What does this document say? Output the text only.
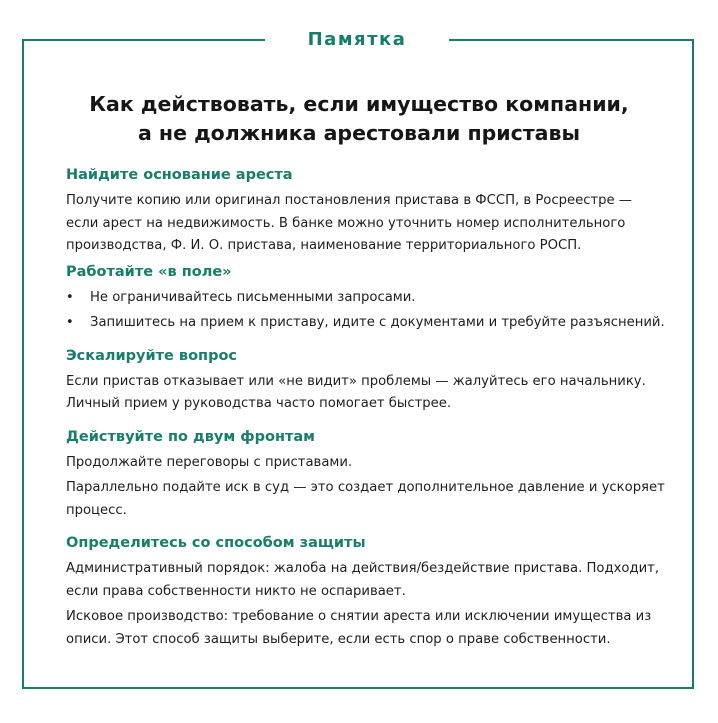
Памятка
Как действовать, если имущество компании,
а не должника арестовали приставы
Найдите основание ареста
Получите копию или оригинал постановления пристава в ФССП, в Росреестре — если арест на недвижимость. В банке можно уточнить номер исполнительного производства, Ф. И. О. пристава, наименование территориального РОСП.
Работайте «в поле»
• Не ограничивайтесь письменными запросами.
• Запишитесь на прием к приставу, идите с документами и требуйте разъяснений.
Эскалируйте вопрос
Если пристав отказывает или «не видит» проблемы — жалуйтесь его начальнику. Личный прием у руководства часто помогает быстрее.
Действуйте по двум фронтам
Продолжайте переговоры с приставами.
Параллельно подайте иск в суд — это создает дополнительное давление и ускоряет процесс.
Определитесь со способом защиты
Административный порядок: жалоба на действия/бездействие пристава. Подходит, если права собственности никто не оспаривает.
Исковое производство: требование о снятии ареста или исключении имущества из описи. Этот способ защиты выберите, если есть спор о праве собственности.
